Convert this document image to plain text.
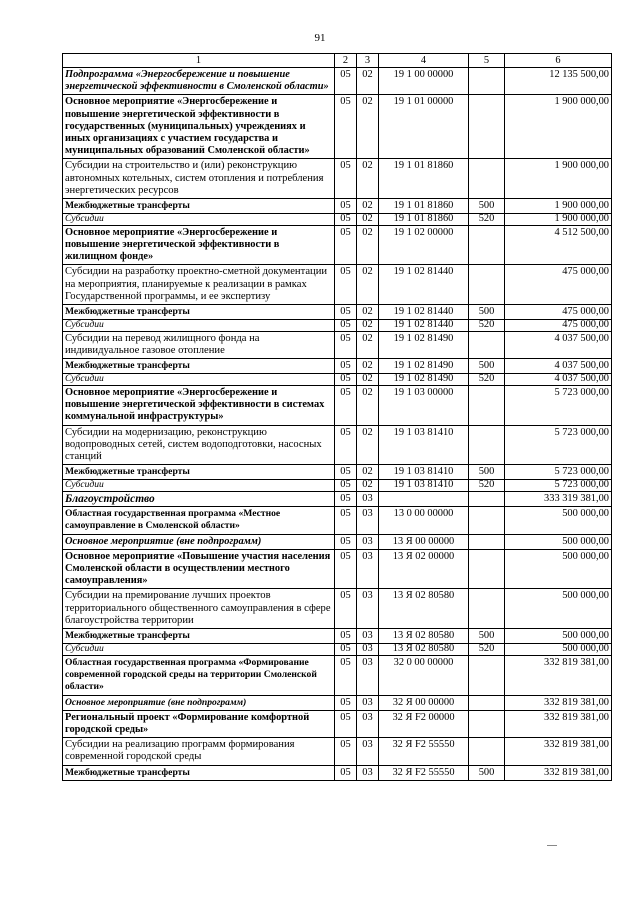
91
1	2	3	4	5	6
Подпрограмма «Энергосбережение и повышение энергетической эффективности в Смоленской области»	05	02	19 1 00 00000		12 135 500,00
Основное мероприятие «Энергосбережение и повышение энергетической эффективности в государственных (муниципальных) учреждениях и иных организациях с участием государства и муниципальных образований Смоленской области»	05	02	19 1 01 00000		1 900 000,00
Субсидии на строительство и (или) реконструкцию автономных котельных, систем отопления и потребления энергетических ресурсов	05	02	19 1 01 81860		1 900 000,00
Межбюджетные трансферты	05	02	19 1 01 81860	500	1 900 000,00
Субсидии	05	02	19 1 01 81860	520	1 900 000,00
Основное мероприятие «Энергосбережение и повышение энергетической эффективности в жилищном фонде»	05	02	19 1 02 00000		4 512 500,00
Субсидии на разработку проектно-сметной документации на мероприятия, планируемые к реализации в рамках Государственной программы, и ее экспертизу	05	02	19 1 02 81440		475 000,00
Межбюджетные трансферты	05	02	19 1 02 81440	500	475 000,00
Субсидии	05	02	19 1 02 81440	520	475 000,00
Субсидии на перевод жилищного фонда на индивидуальное газовое отопление	05	02	19 1 02 81490		4 037 500,00
Межбюджетные трансферты	05	02	19 1 02 81490	500	4 037 500,00
Субсидии	05	02	19 1 02 81490	520	4 037 500,00
Основное мероприятие «Энергосбережение и повышение энергетической эффективности в системах коммунальной инфраструктуры»	05	02	19 1 03 00000		5 723 000,00
Субсидии на модернизацию, реконструкцию водопроводных сетей, систем водоподготовки, насосных станций	05	02	19 1 03 81410		5 723 000,00
Межбюджетные трансферты	05	02	19 1 03 81410	500	5 723 000,00
Субсидии	05	02	19 1 03 81410	520	5 723 000,00
Благоустройство	05	03			333 319 381,00
Областная государственная программа «Местное самоуправление в Смоленской области»	05	03	13 0 00 00000		500 000,00
Основное мероприятие (вне подпрограмм)	05	03	13 Я 00 00000		500 000,00
Основное мероприятие «Повышение участия населения Смоленской области в осуществлении местного самоуправления»	05	03	13 Я 02 00000		500 000,00
Субсидии на премирование лучших проектов территориального общественного самоуправления в сфере благоустройства территории	05	03	13 Я 02 80580		500 000,00
Межбюджетные трансферты	05	03	13 Я 02 80580	500	500 000,00
Субсидии	05	03	13 Я 02 80580	520	500 000,00
Областная государственная программа «Формирование современной городской среды на территории Смоленской области»	05	03	32 0 00 00000		332 819 381,00
Основное мероприятие (вне подпрограмм)	05	03	32 Я 00 00000		332 819 381,00
Региональный проект «Формирование комфортной городской среды»	05	03	32 Я F2 00000		332 819 381,00
Субсидии на реализацию программ формирования современной городской среды	05	03	32 Я F2 55550		332 819 381,00
Межбюджетные трансферты	05	03	32 Я F2 55550	500	332 819 381,00
